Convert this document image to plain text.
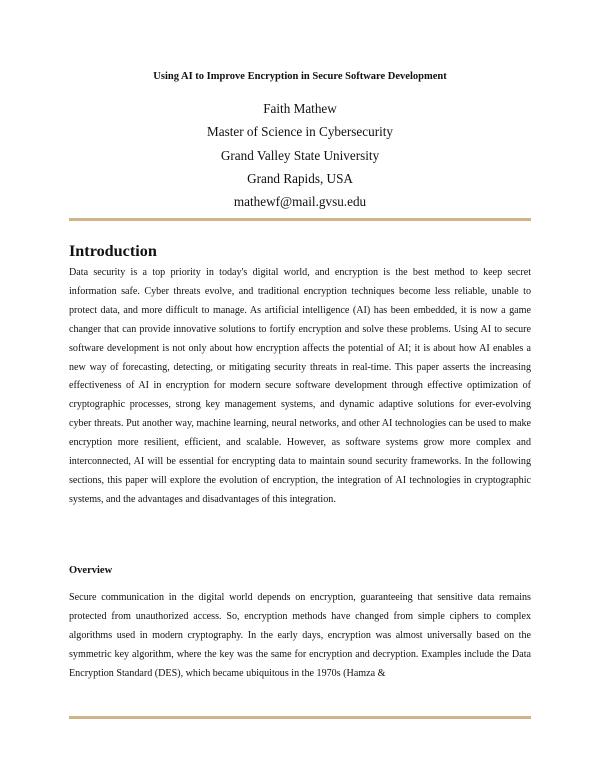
Using AI to Improve Encryption in Secure Software Development
Faith Mathew
Master of Science in Cybersecurity
Grand Valley State University
Grand Rapids, USA
mathewf@mail.gvsu.edu
Introduction

Data security is a top priority in today's digital world, and encryption is the best method to keep secret information safe. Cyber threats evolve, and traditional encryption techniques become less reliable, unable to protect data, and more difficult to manage. As artificial intelligence (AI) has been embedded, it is now a game changer that can provide innovative solutions to fortify encryption and solve these problems. Using AI to secure software development is not only about how encryption affects the potential of AI; it is about how AI enables a new way of forecasting, detecting, or mitigating security threats in real-time. This paper asserts the increasing effectiveness of AI in encryption for modern secure software development through effective optimization of cryptographic processes, strong key management systems, and dynamic adaptive solutions for ever-evolving cyber threats. Put another way, machine learning, neural networks, and other AI technologies can be used to make encryption more resilient, efficient, and scalable. However, as software systems grow more complex and interconnected, AI will be essential for encrypting data to maintain sound security frameworks. In the following sections, this paper will explore the evolution of encryption, the integration of AI technologies in cryptographic systems, and the advantages and disadvantages of this integration.

Overview

Secure communication in the digital world depends on encryption, guaranteeing that sensitive data remains protected from unauthorized access. So, encryption methods have changed from simple ciphers to complex algorithms used in modern cryptography. In the early days, encryption was almost universally based on the symmetric key algorithm, where the key was the same for encryption and decryption. Examples include the Data Encryption Standard (DES), which became ubiquitous in the 1970s (Hamza &
